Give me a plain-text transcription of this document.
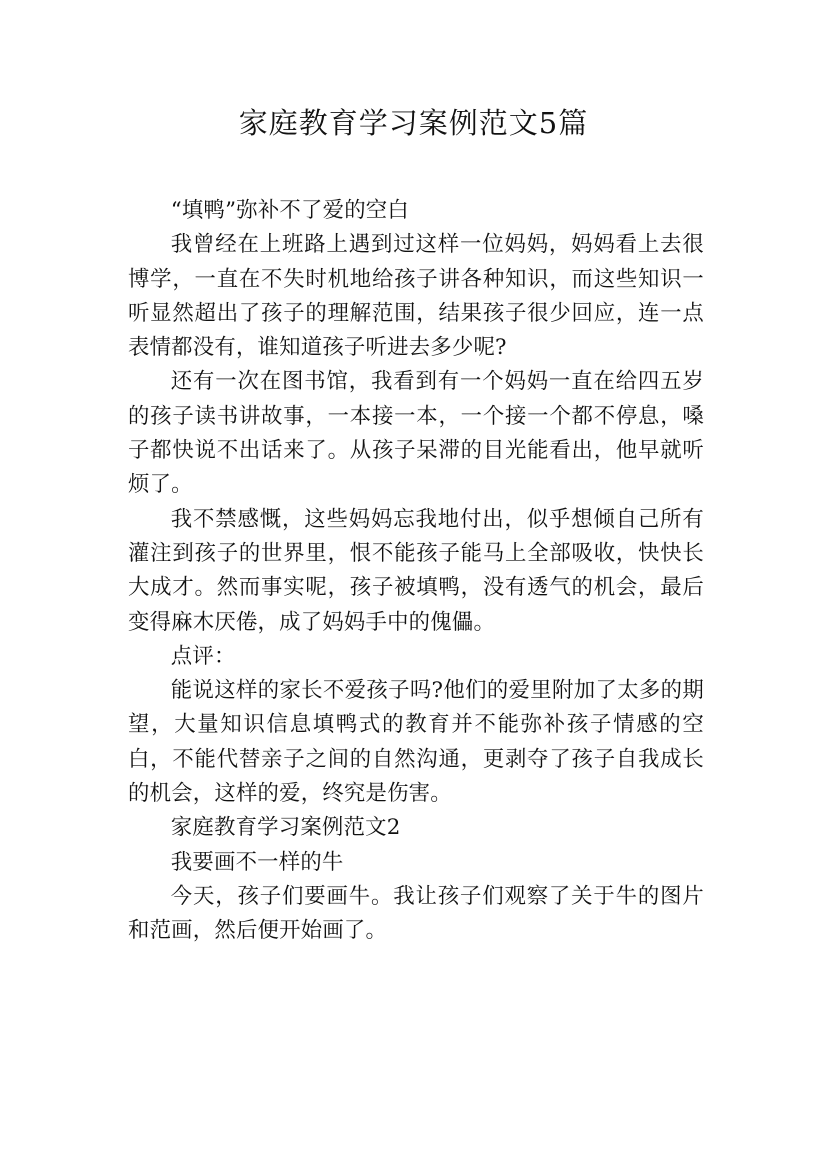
家庭教育学习案例范文5篇

“填鸭”弥补不了爱的空白

我曾经在上班路上遇到过这样一位妈妈，妈妈看上去很博学，一直在不失时机地给孩子讲各种知识，而这些知识一听显然超出了孩子的理解范围，结果孩子很少回应，连一点表情都没有，谁知道孩子听进去多少呢?

还有一次在图书馆，我看到有一个妈妈一直在给四五岁的孩子读书讲故事，一本接一本，一个接一个都不停息，嗓子都快说不出话来了。从孩子呆滞的目光能看出，他早就听烦了。

我不禁感慨，这些妈妈忘我地付出，似乎想倾自己所有灌注到孩子的世界里，恨不能孩子能马上全部吸收，快快长大成才。然而事实呢，孩子被填鸭，没有透气的机会，最后变得麻木厌倦，成了妈妈手中的傀儡。

点评：

能说这样的家长不爱孩子吗?他们的爱里附加了太多的期望，大量知识信息填鸭式的教育并不能弥补孩子情感的空白，不能代替亲子之间的自然沟通，更剥夺了孩子自我成长的机会，这样的爱，终究是伤害。

家庭教育学习案例范文2

我要画不一样的牛

今天，孩子们要画牛。我让孩子们观察了关于牛的图片和范画，然后便开始画了。
